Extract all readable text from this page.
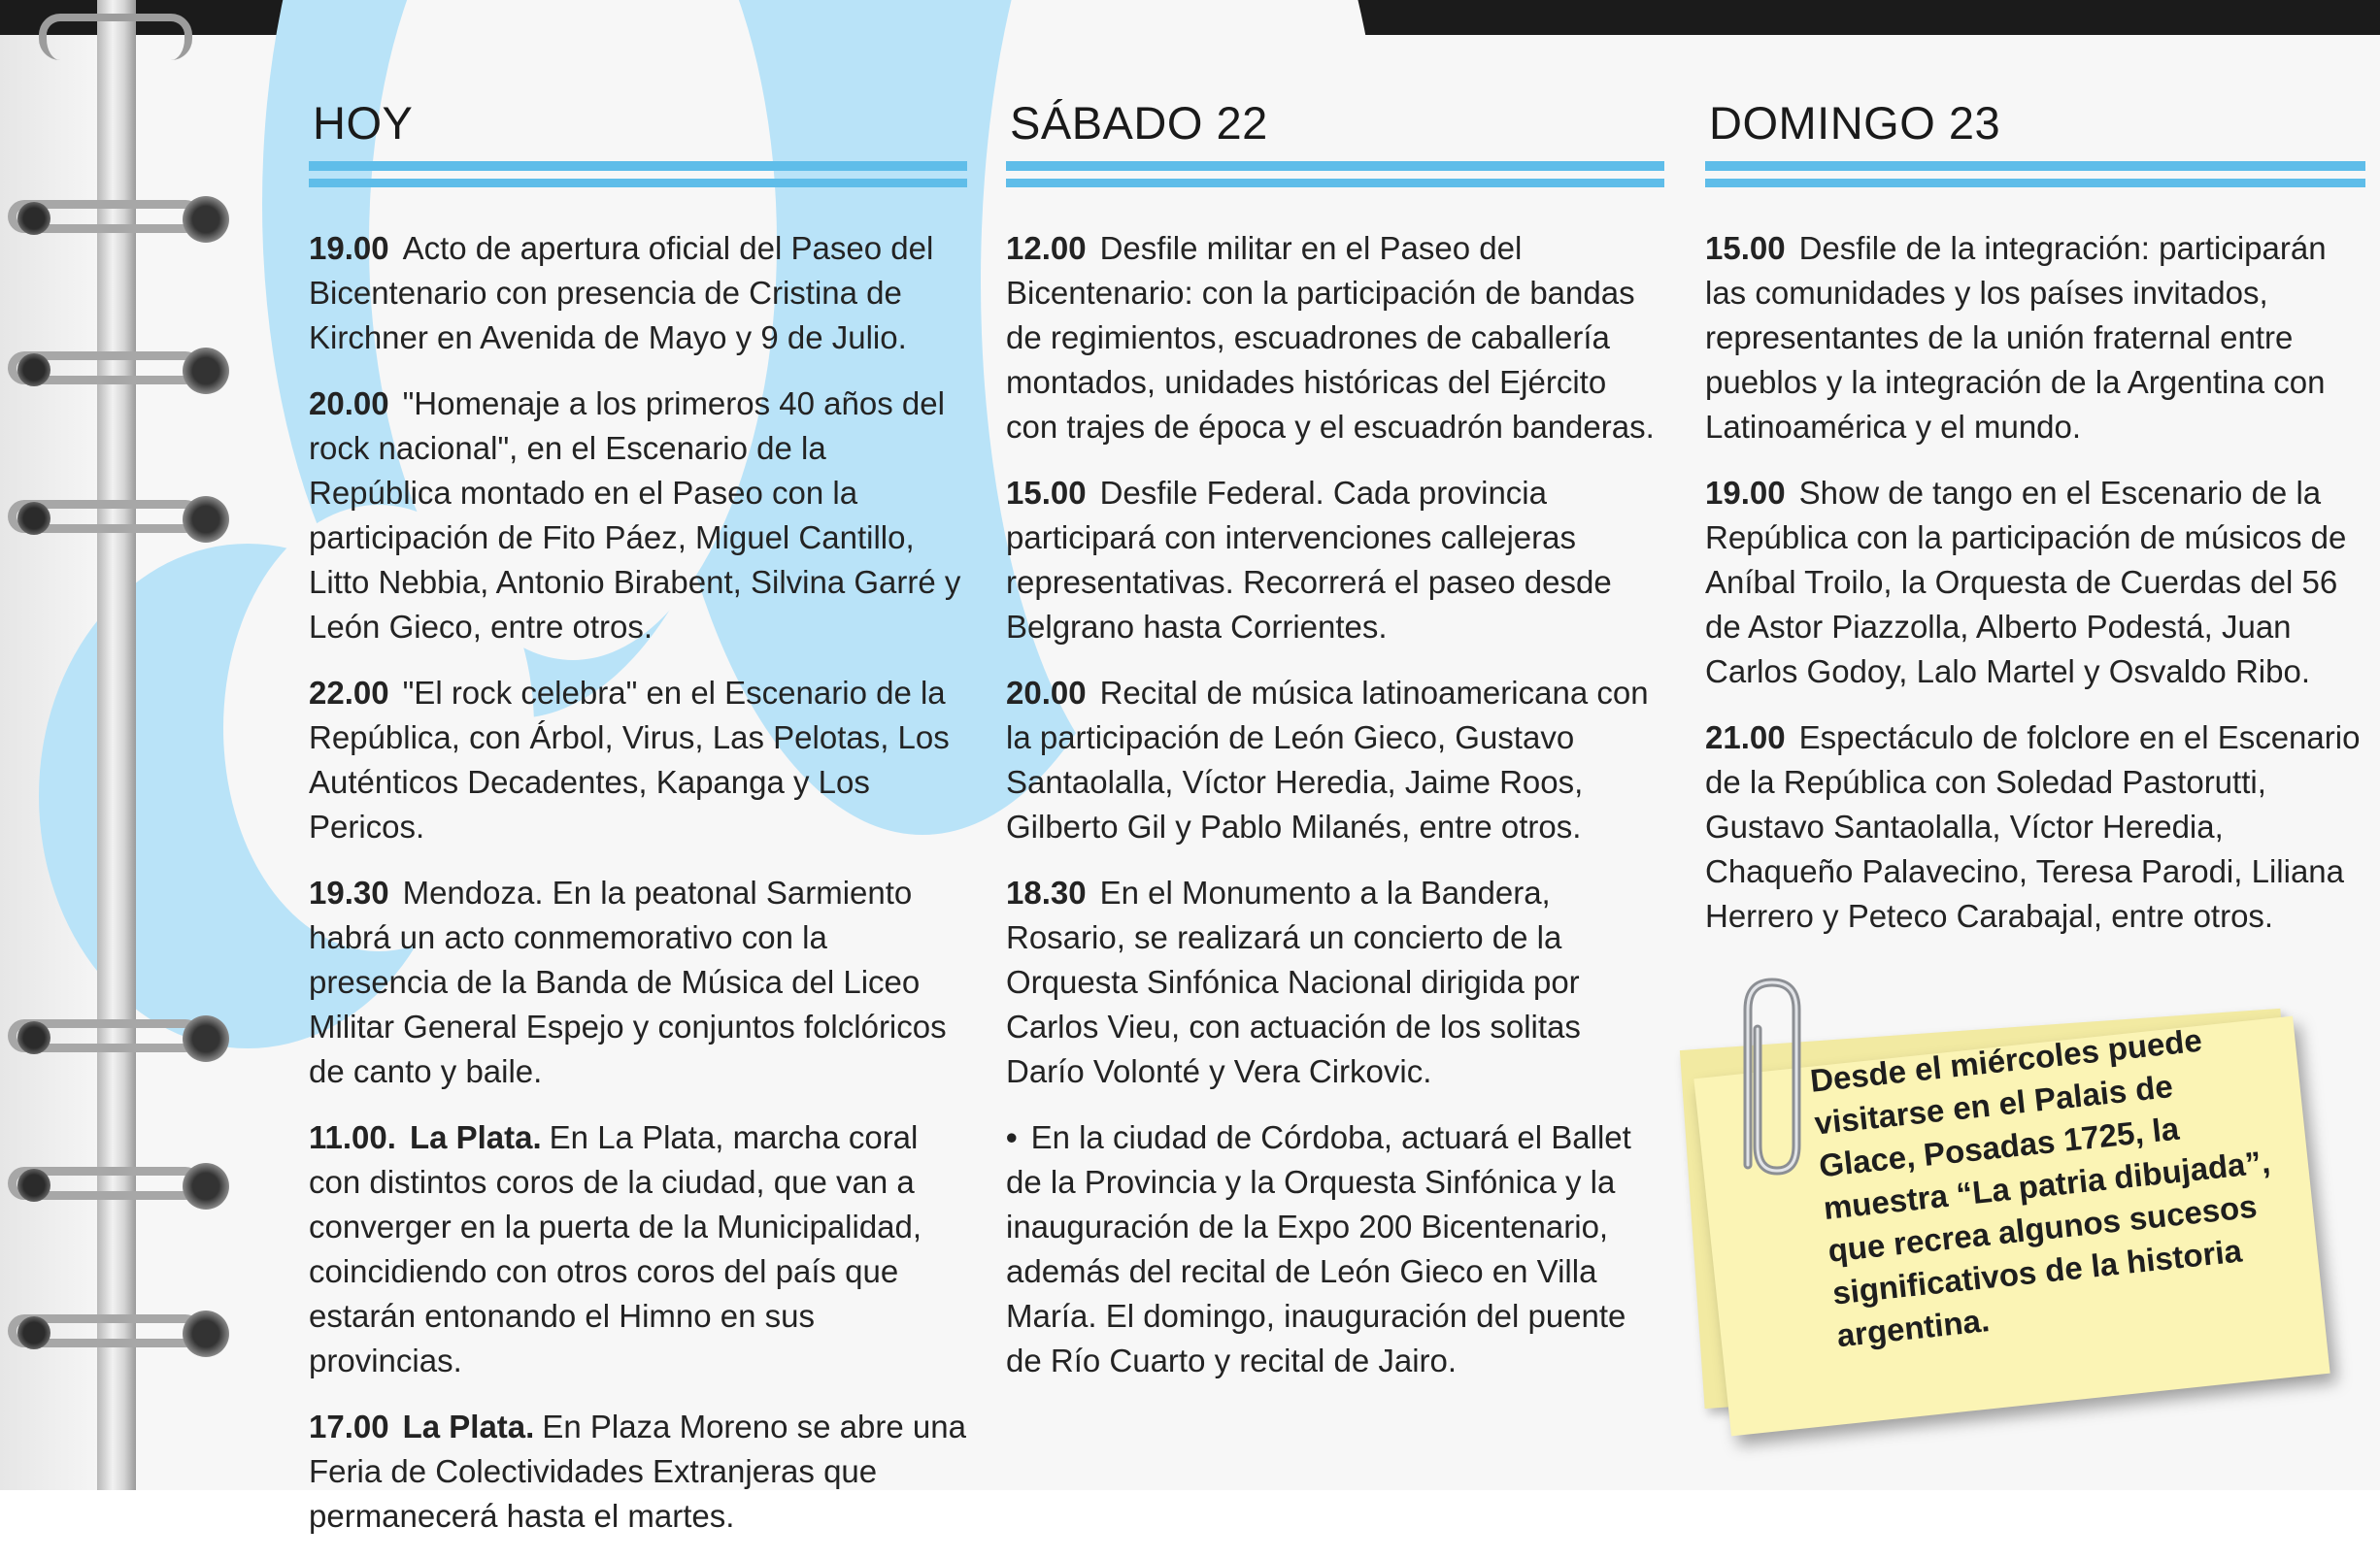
HOY

19.00 Acto de apertura oficial del Paseo del Bicentenario con presencia de Cristina de Kirchner en Avenida de Mayo y 9 de Julio.

20.00 "Homenaje a los primeros 40 años del rock nacional", en el Escenario de la República montado en el Paseo con la participación de Fito Páez, Miguel Cantillo, Litto Nebbia, Antonio Birabent, Silvina Garré y León Gieco, entre otros.

22.00 "El rock celebra" en el Escenario de la República, con Árbol, Virus, Las Pelotas, Los Auténticos Decadentes, Kapanga y Los Pericos.

19.30 Mendoza. En la peatonal Sarmiento habrá un acto conmemorativo con la presencia de la Banda de Música del Liceo Militar General Espejo y conjuntos folclóricos de canto y baile.

11.00. La Plata. En La Plata, marcha coral con distintos coros de la ciudad, que van a converger en la puerta de la Municipalidad, coincidiendo con otros coros del país que estarán entonando el Himno en sus provincias.

17.00 La Plata. En Plaza Moreno se abre una Feria de Colectividades Extranjeras que permanecerá hasta el martes.

SÁBADO 22

12.00 Desfile militar en el Paseo del Bicentenario: con la participación de bandas de regimientos, escuadrones de caballería montados, unidades históricas del Ejército con trajes de época y el escuadrón banderas.

15.00 Desfile Federal. Cada provincia participará con intervenciones callejeras representativas. Recorrerá el paseo desde Belgrano hasta Corrientes.

20.00 Recital de música latinoamericana con la participación de León Gieco, Gustavo Santaolalla, Víctor Heredia, Jaime Roos, Gilberto Gil y Pablo Milanés, entre otros.

18.30 En el Monumento a la Bandera, Rosario, se realizará un concierto de la Orquesta Sinfónica Nacional dirigida por Carlos Vieu, con actuación de los solitas Darío Volonté y Vera Cirkovic.

• En la ciudad de Córdoba, actuará el Ballet de la Provincia y la Orquesta Sinfónica y la inauguración de la Expo 200 Bicentenario, además del recital de León Gieco en Villa María. El domingo, inauguración del puente de Río Cuarto y recital de Jairo.

DOMINGO 23

15.00 Desfile de la integración: participarán las comunidades y los países invitados, representantes de la unión fraternal entre pueblos y la integración de la Argentina con Latinoamérica y el mundo.

19.00 Show de tango en el Escenario de la República con la participación de músicos de Aníbal Troilo, la Orquesta de Cuerdas del 56 de Astor Piazzolla, Alberto Podestá, Juan Carlos Godoy, Lalo Martel y Osvaldo Ribo.

21.00 Espectáculo de folclore en el Escenario de la República con Soledad Pastorutti, Gustavo Santaolalla, Víctor Heredia, Chaqueño Palavecino, Teresa Parodi, Liliana Herrero y Peteco Carabajal, entre otros.

Desde el miércoles puede visitarse en el Palais de Glace, Posadas 1725, la muestra “La patria dibujada”, que recrea algunos sucesos significativos de la historia argentina.
